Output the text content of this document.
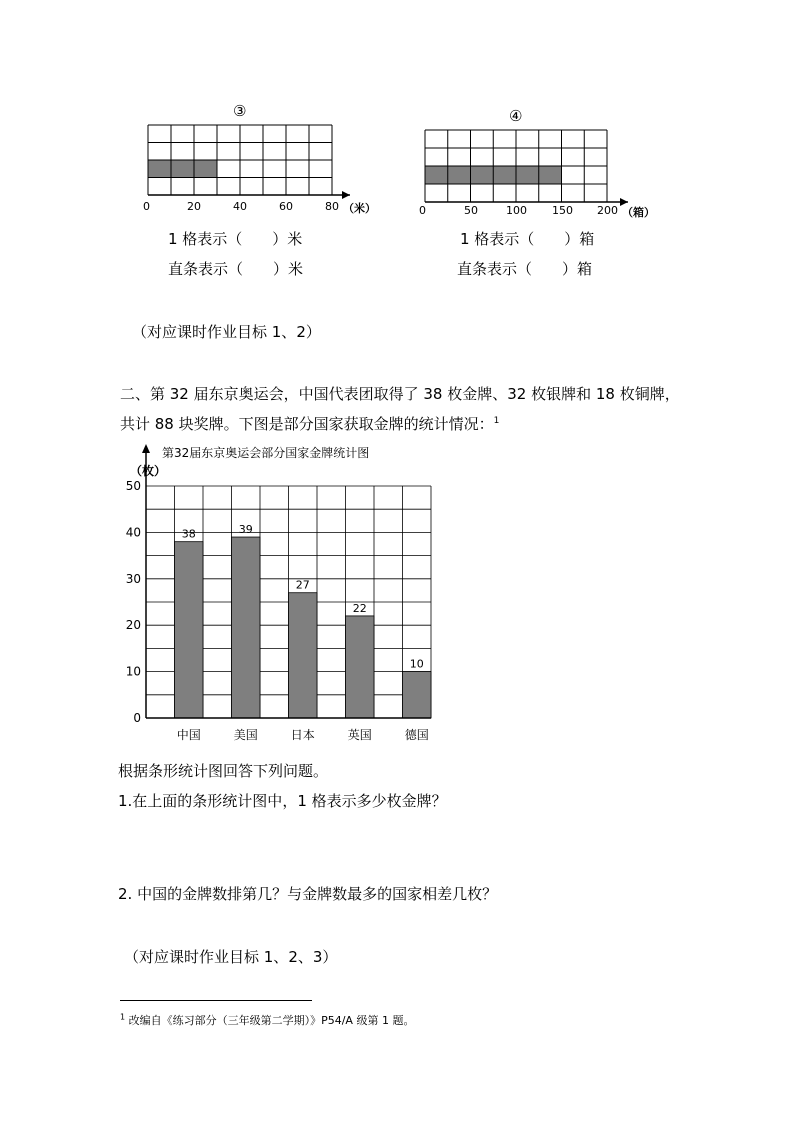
③
0	20	40	60	80 （米）
1 格表示（　　）米
直条表示（　　）米
④
0	50	100 150 200 （箱）
1 格表示（　　）箱
直条表示（　　）箱
（对应课时作业目标 1、2）
二、第 32 届东京奥运会，中国代表团取得了 38 枚金牌、32 枚银牌和 18 枚铜牌，
共计 88 块奖牌。下图是部分国家获取金牌的统计情况：$^1$
第32届东京奥运会部分国家金牌统计图
（枚）
38	39
27
22
10
0
10
20
30
40
50
中国	美国	日本	英国	德国
根据条形统计图回答下列问题。
1.在上面的条形统计图中，1 格表示多少枚金牌？
2. 中国的金牌数排第几？与金牌数最多的国家相差几枚？
（对应课时作业目标 1、2、3）
$^1$ 改编自《练习部分（三年级第二学期）》P54/A 级第 1 题。
